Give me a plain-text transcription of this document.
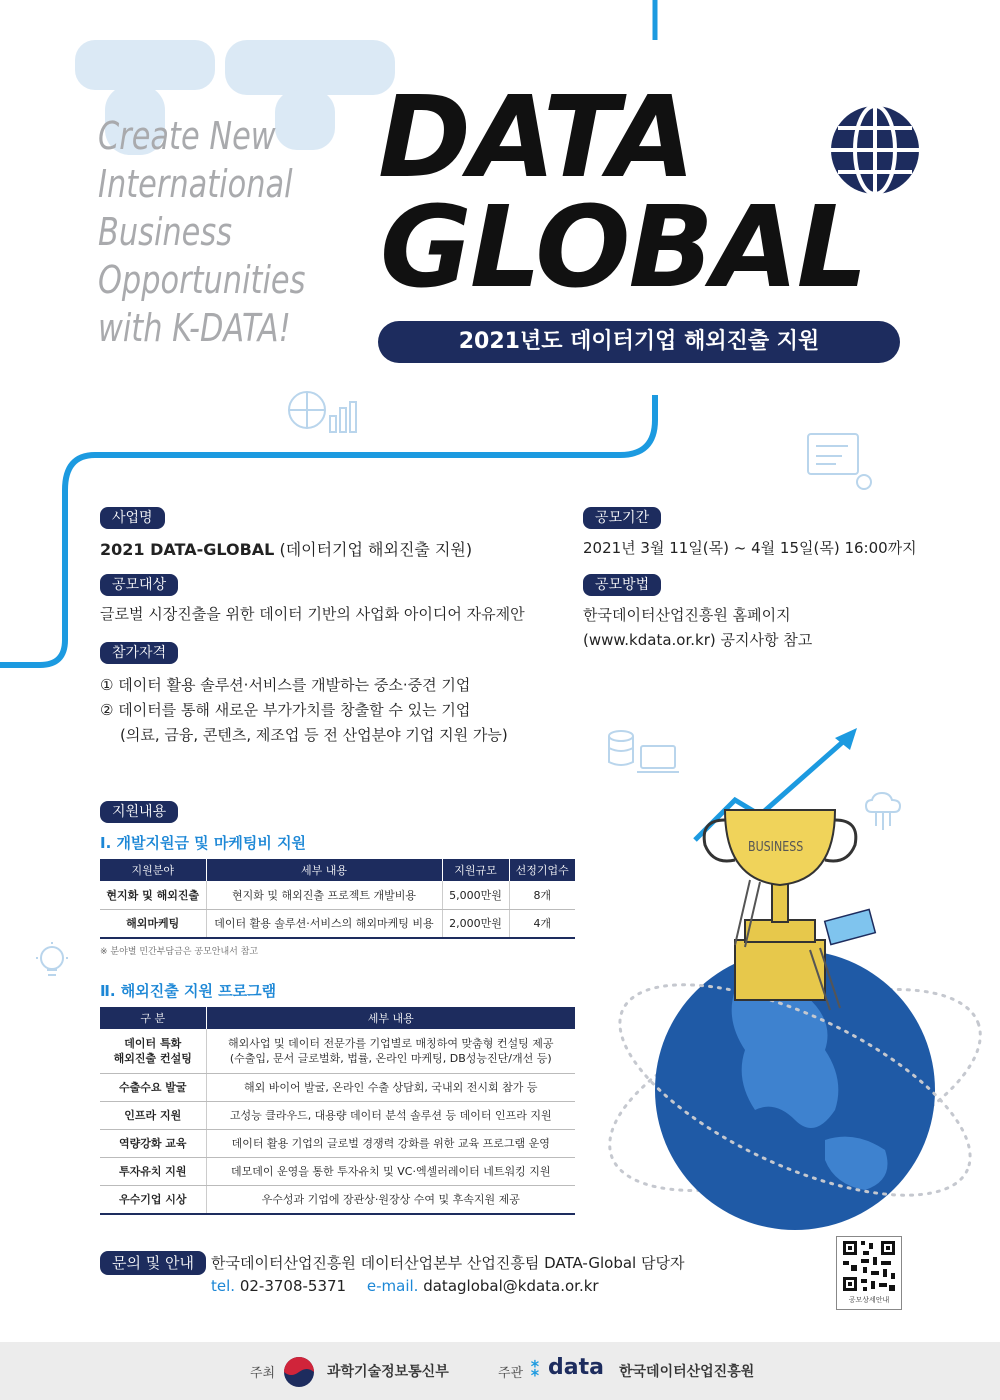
Create New
International
Business
Opportunities
with K-DATA!
DATA
GLOBAL
2021년도 데이터기업 해외진출 지원
사업명
2021 DATA-GLOBAL (데이터기업 해외진출 지원)
공모대상
글로벌 시장진출을 위한 데이터 기반의 사업화 아이디어 자유제안
참가자격
① 데이터 활용 솔루션·서비스를 개발하는 중소·중견 기업
② 데이터를 통해 새로운 부가가치를 창출할 수 있는 기업
(의료, 금융, 콘텐츠, 제조업 등 전 산업분야 기업 지원 가능)
공모기간
2021년 3월 11일(목) ~ 4월 15일(목) 16:00까지
공모방법
한국데이터산업진흥원 홈페이지
(www.kdata.or.kr) 공지사항 참고
지원내용
Ⅰ. 개발지원금 및 마케팅비 지원
지원분야	세부 내용	지원규모	선정기업수
현지화 및 해외진출	현지화 및 해외진출 프로젝트 개발비용	5,000만원	8개
해외마케팅	데이터 활용 솔루션·서비스의 해외마케팅 비용	2,000만원	4개
※ 분야별 민간부담금은 공모안내서 참고
Ⅱ. 해외진출 지원 프로그램
구 분	세부 내용
데이터 특화
해외진출 컨설팅	해외사업 및 데이터 전문가를 기업별로 매칭하여 맞춤형 컨설팅 제공
(수출입, 문서 글로벌화, 법률, 온라인 마케팅, DB성능진단/개선 등)
수출수요 발굴	해외 바이어 발굴, 온라인 수출 상담회, 국내외 전시회 참가 등
인프라 지원	고성능 클라우드, 대용량 데이터 분석 솔루션 등 데이터 인프라 지원
역량강화 교육	데이터 활용 기업의 글로벌 경쟁력 강화를 위한 교육 프로그램 운영
투자유치 지원	데모데이 운영을 통한 투자유치 및 VC·엑셀러레이터 네트워킹 지원
우수기업 시상	우수성과 기업에 장관상·원장상 수여 및 후속지원 제공
BUSINESS
문의 및 안내	한국데이터산업진흥원 데이터산업본부 산업진흥팀 DATA-Global 담당자
tel. 02-3708-5371 e-mail. dataglobal@kdata.or.kr
공모상세안내
주최	과학기술정보통신부	주관 ⁑ data 한국데이터산업진흥원
